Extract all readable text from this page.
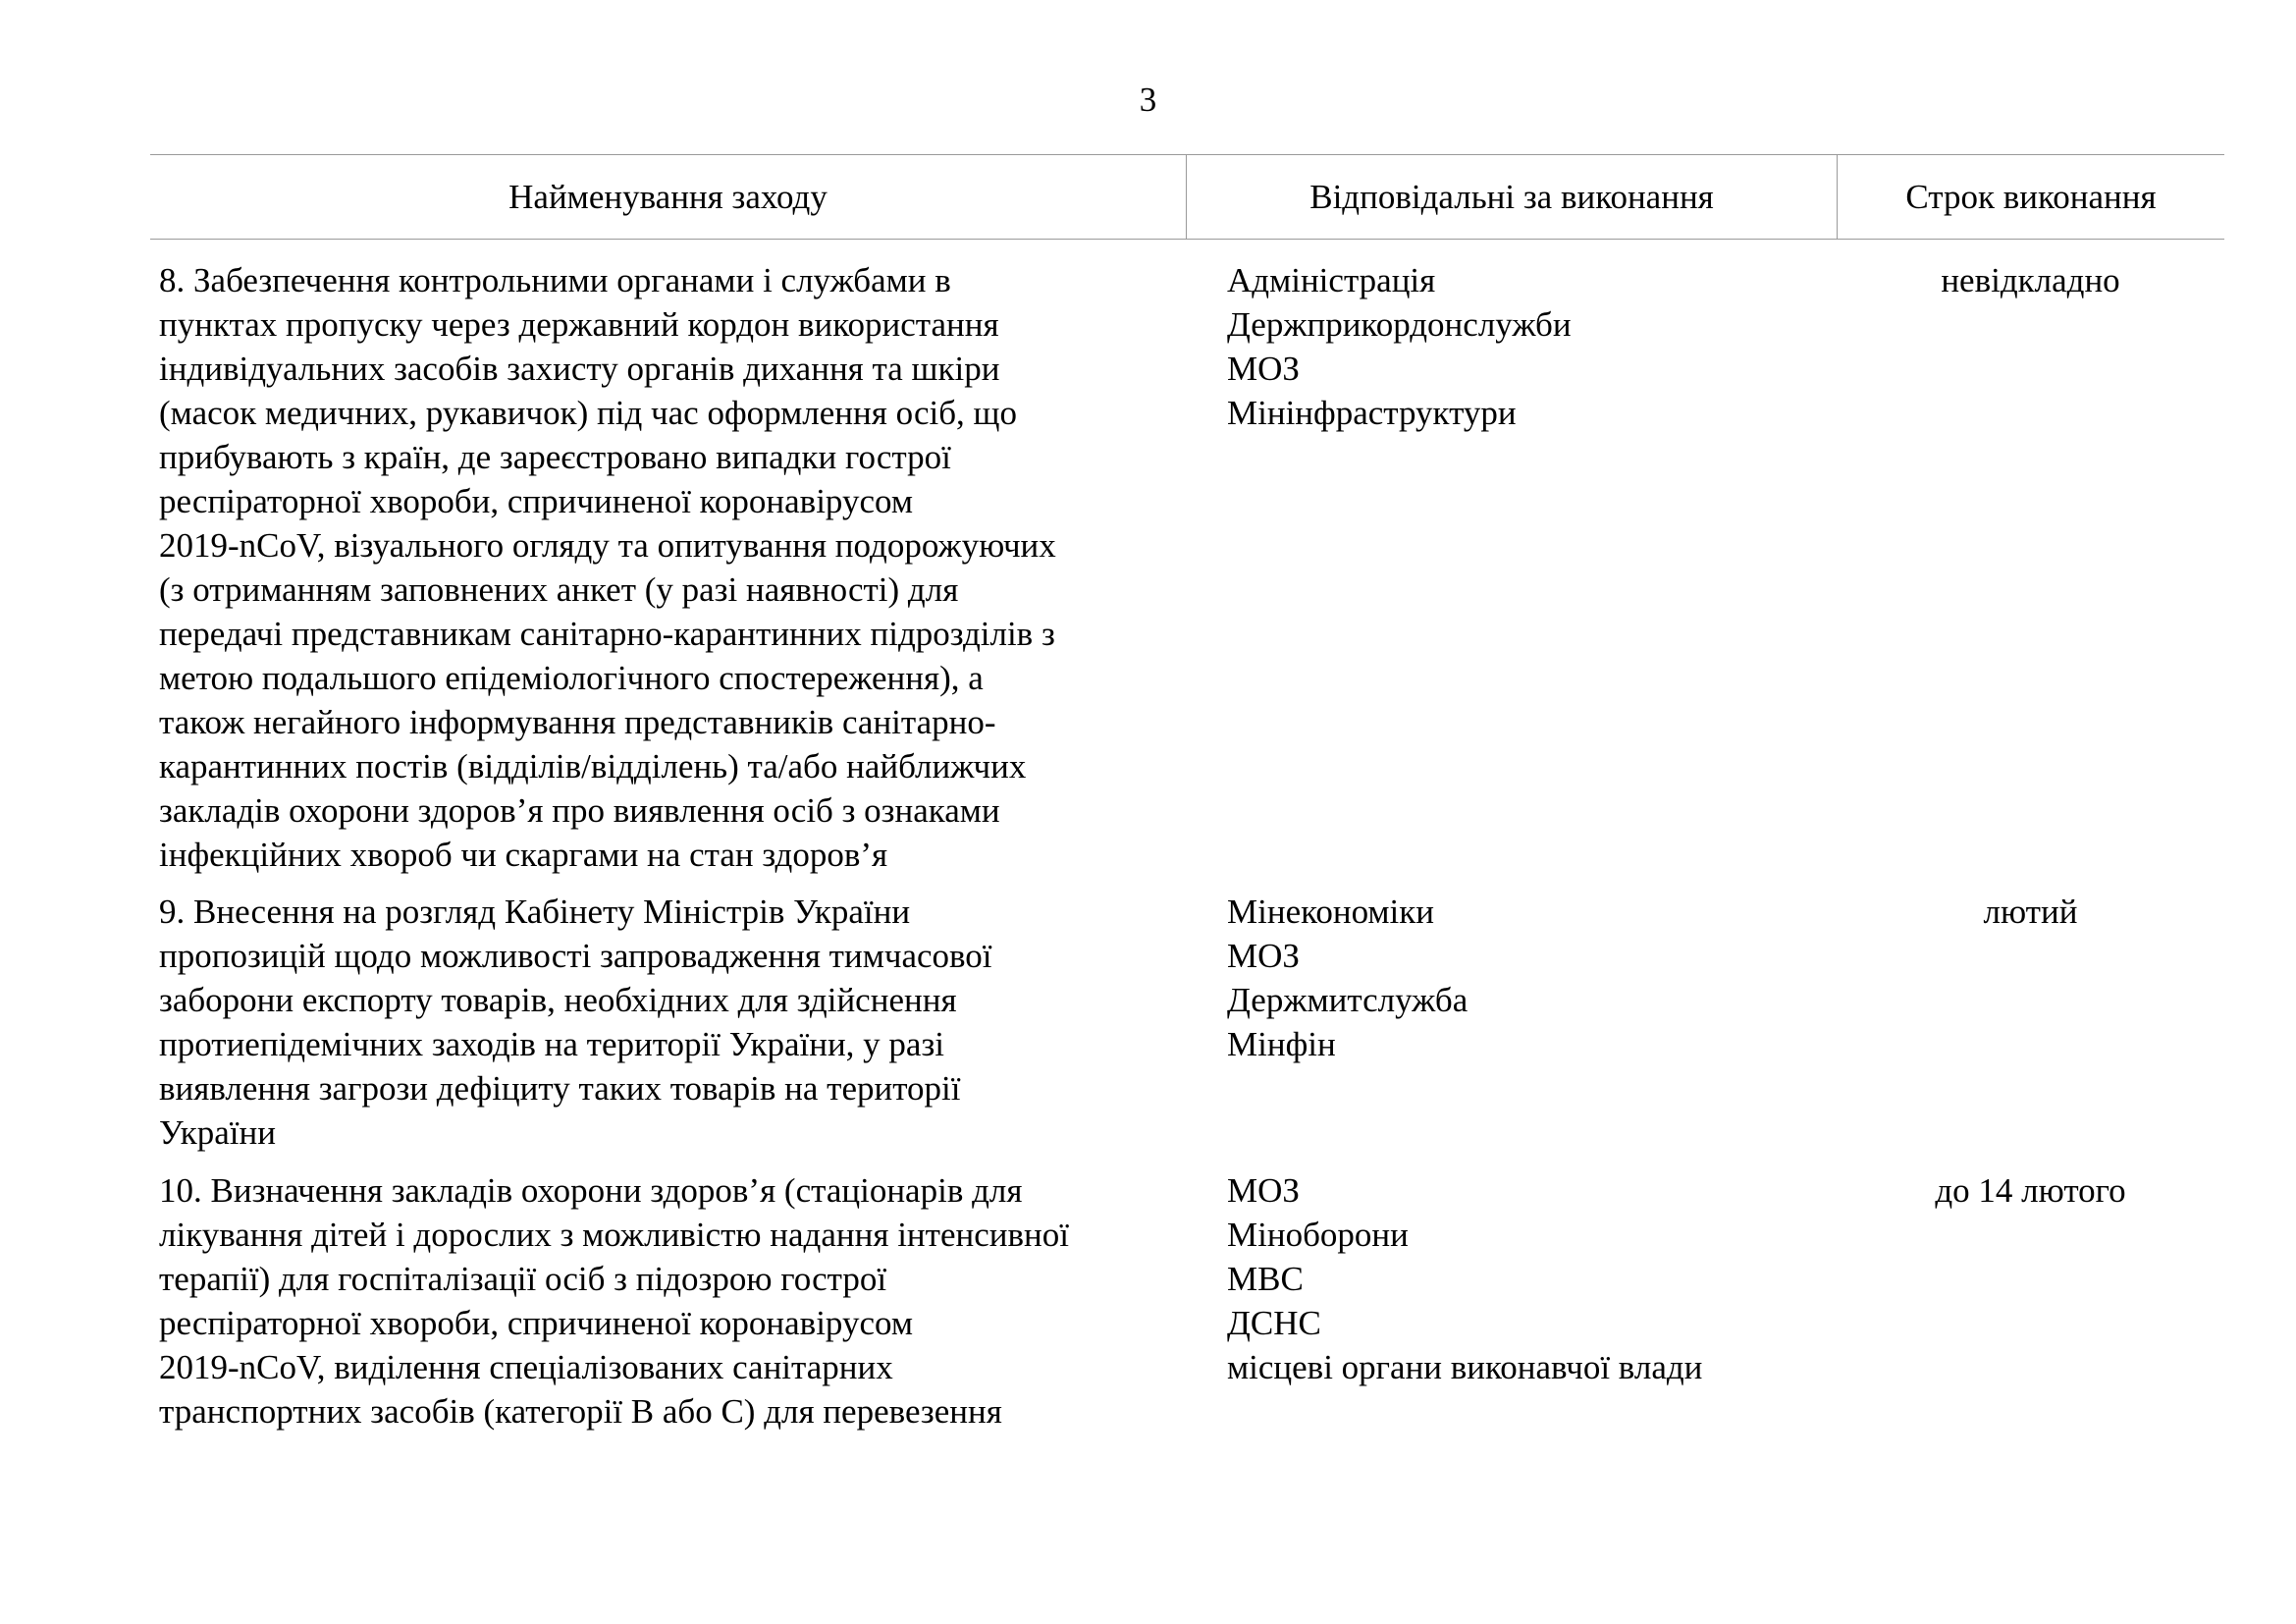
3
Найменування заходу	Відповідальні за виконання	Строк виконання
8. Забезпечення контрольними органами і службами в
пунктах пропуску через державний кордон використання
індивідуальних засобів захисту органів дихання та шкіри
(масок медичних, рукавичок) під час оформлення осіб, що
прибувають з країн, де зареєстровано випадки гострої
респіраторної хвороби, спричиненої коронавірусом
2019-nCoV, візуального огляду та опитування подорожуючих
(з отриманням заповнених анкет (у разі наявності) для
передачі представникам санітарно-карантинних підрозділів з
метою подальшого епідеміологічного спостереження), а
також негайного інформування представників санітарно-
карантинних постів (відділів/відділень) та/або найближчих
закладів охорони здоров’я про виявлення осіб з ознаками
інфекційних хвороб чи скаргами на стан здоров’я
Адміністрація
Держприкордонслужби
МОЗ
Мінінфраструктури
невідкладно
9. Внесення на розгляд Кабінету Міністрів України
пропозицій щодо можливості запровадження тимчасової
заборони експорту товарів, необхідних для здійснення
протиепідемічних заходів на території України, у разі
виявлення загрози дефіциту таких товарів на території
України
Мінекономіки
МОЗ
Держмитслужба
Мінфін
лютий
10. Визначення закладів охорони здоров’я (стаціонарів для
лікування дітей і дорослих з можливістю надання інтенсивної
терапії) для госпіталізації осіб з підозрою гострої
респіраторної хвороби, спричиненої коронавірусом
2019-nCoV, виділення спеціалізованих санітарних
транспортних засобів (категорії В або С) для перевезення
МОЗ
Міноборони
МВС
ДСНС
місцеві органи виконавчої влади
до 14 лютого
